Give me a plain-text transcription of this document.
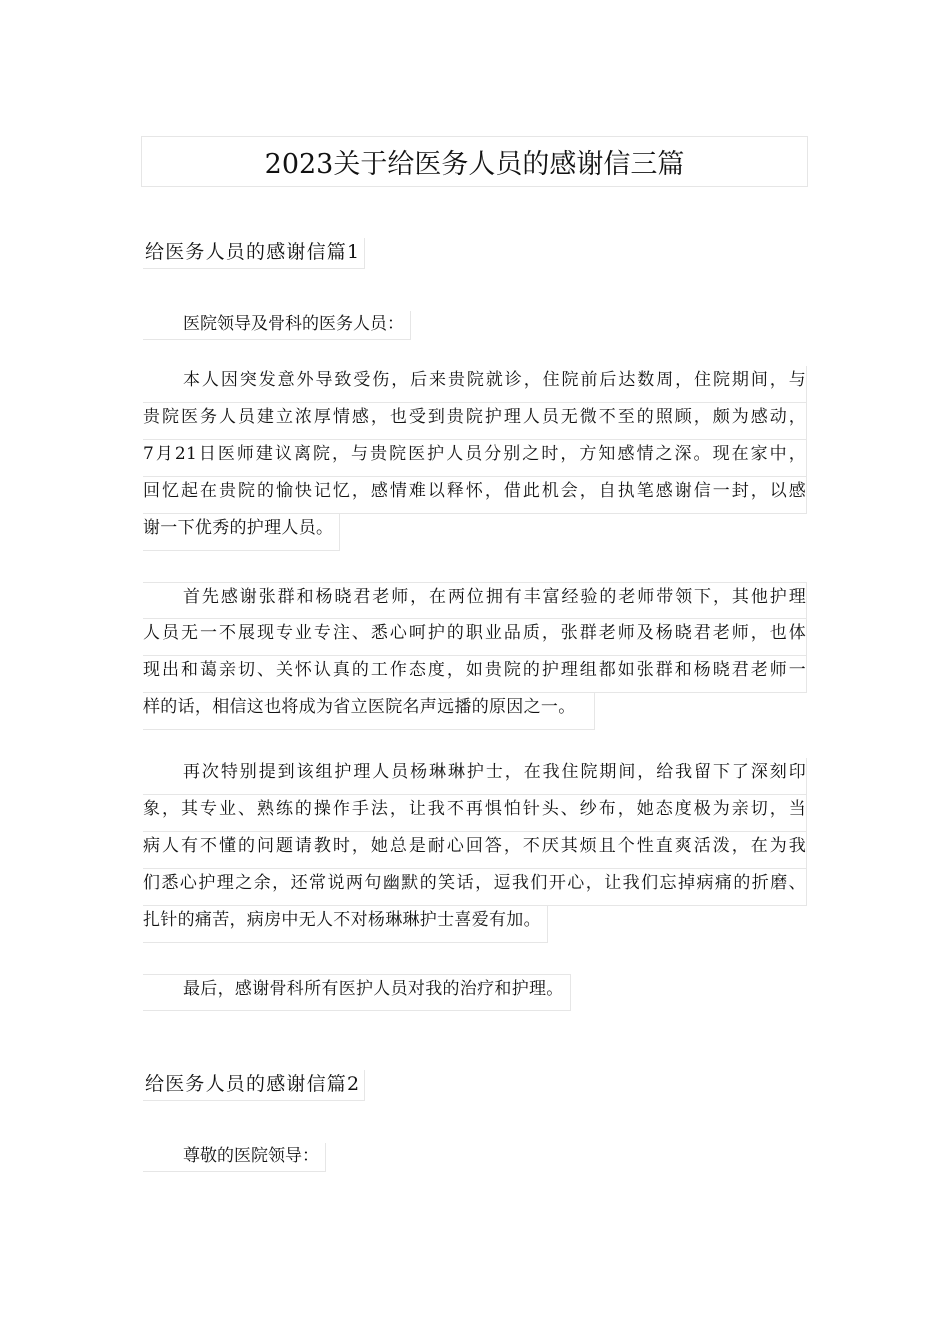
2023关于给医务人员的感谢信三篇
给医务人员的感谢信篇1
医院领导及骨科的医务人员：
本人因突发意外导致受伤，后来贵院就诊，住院前后达数周，住院期间，与
贵院医务人员建立浓厚情感，也受到贵院护理人员无微不至的照顾，颇为感动，
7月21日医师建议离院，与贵院医护人员分别之时，方知感情之深。现在家中，
回忆起在贵院的愉快记忆，感情难以释怀，借此机会，自执笔感谢信一封，以感
谢一下优秀的护理人员。
首先感谢张群和杨晓君老师，在两位拥有丰富经验的老师带领下，其他护理
人员无一不展现专业专注、悉心呵护的职业品质，张群老师及杨晓君老师，也体
现出和蔼亲切、关怀认真的工作态度，如贵院的护理组都如张群和杨晓君老师一
样的话，相信这也将成为省立医院名声远播的原因之一。
再次特别提到该组护理人员杨琳琳护士，在我住院期间，给我留下了深刻印
象，其专业、熟练的操作手法，让我不再惧怕针头、纱布，她态度极为亲切，当
病人有不懂的问题请教时，她总是耐心回答，不厌其烦且个性直爽活泼，在为我
们悉心护理之余，还常说两句幽默的笑话，逗我们开心，让我们忘掉病痛的折磨、
扎针的痛苦，病房中无人不对杨琳琳护士喜爱有加。
最后，感谢骨科所有医护人员对我的治疗和护理。
给医务人员的感谢信篇2
尊敬的医院领导：
